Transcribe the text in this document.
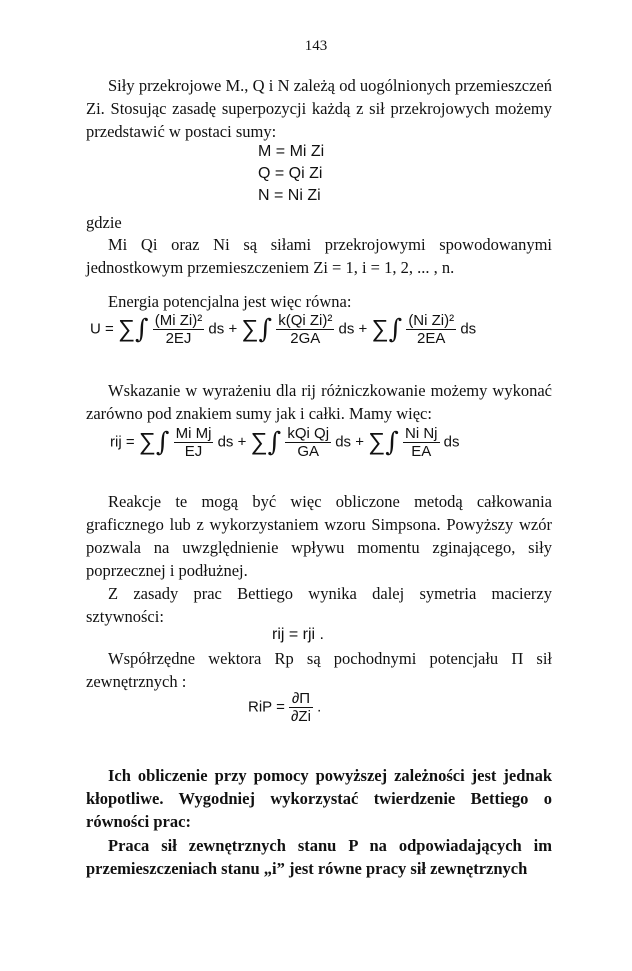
143
Siły przekrojowe M., Q i N zależą od uogólnionych przemieszczeń Zi. Stosując zasadę superpozycji każdą z sił przekrojowych możemy przedstawić w postaci sumy:
M = Mi Zi
Q = Qi Zi
N = Ni Zi
gdzie
Mi Qi oraz Ni są siłami przekrojowymi spowodowanymi jednostkowym przemieszczeniem Zi = 1, i = 1, 2, ... , n.
Energia potencjalna jest więc równa:
U = ∑∫ $\frac{\text{(Mi Zi)²}}{2EJ}$ ds + ∑∫ $\frac{\text{k(Qi Zi)²}}{2GA}$ ds + ∑∫ $\frac{\text{(Ni Zi)²}}{2EA}$ ds
Wskazanie w wyrażeniu dla rij różniczkowanie możemy wykonać zarówno pod znakiem sumy jak i całki. Mamy więc:
rij = ∑∫ $\frac{\text{Mi Mj}}{EJ}$ ds + ∑∫ $\frac{\text{kQi Qj}}{GA}$ ds + ∑∫ $\frac{\text{Ni Nj}}{EA}$ ds
Reakcje te mogą być więc obliczone metodą całkowania graficznego lub z wykorzystaniem wzoru Simpsona. Powyższy wzór pozwala na uwzględnienie wpływu momentu zginającego, siły poprzecznej i podłużnej.
Z zasady prac Bettiego wynika dalej symetria macierzy sztywności:
rij = rji .
Współrzędne wektora Rp są pochodnymi potencjału Π sił zewnętrznych :
RiP = $\frac{\partial\Pi}{\partial Zi}$ .
Ich obliczenie przy pomocy powyższej zależności jest jednak kłopotliwe. Wygodniej wykorzystać twierdzenie Bettiego o równości prac:
Praca sił zewnętrznych stanu P na odpowiadających im przemieszczeniach stanu „i” jest równe pracy sił zewnętrznych
